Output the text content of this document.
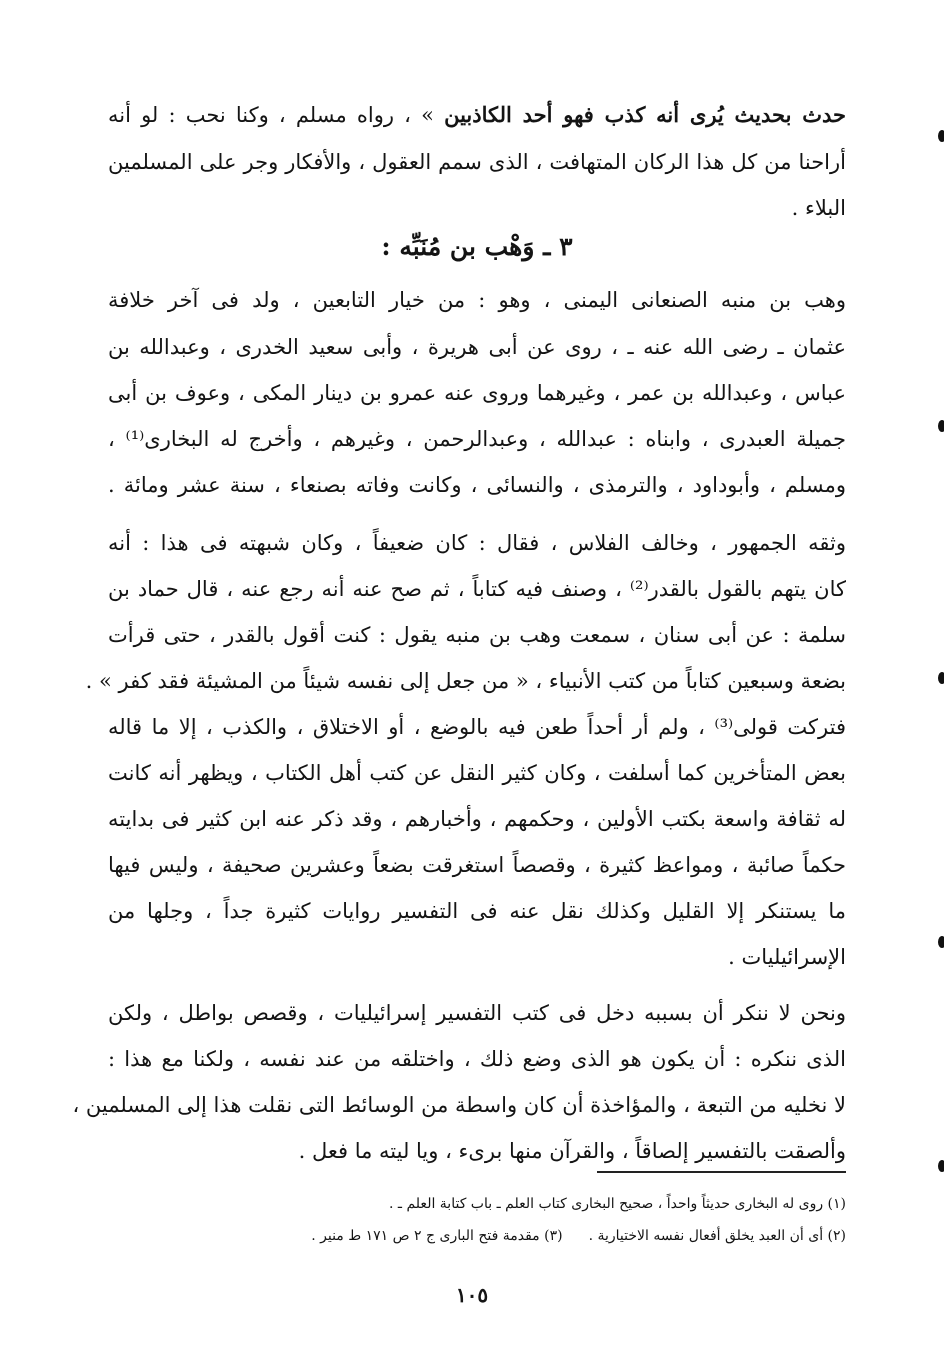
حدث بحديث يُرى أنه كذب فهو أحد الكاذبين » ، رواه مسلم ، وكنا نحب : لو أنه
أراحنا من كل هذا الركان المتهافت ، الذى سمم العقول ، والأفكار وجر على المسلمين
البلاء .
٣ ـ وَهْب بن مُنَبِّه :
وهب بن منبه الصنعانى اليمنى ، وهو : من خيار التابعين ، ولد فى آخر خلافة
عثمان ـ رضى الله عنه ـ ، روى عن أبى هريرة ، وأبى سعيد الخدرى ، وعبدالله بن
عباس ، وعبدالله بن عمر ، وغيرهما وروى عنه عمرو بن دينار المكى ، وعوف بن أبى
جميلة العبدرى ، وابناه : عبدالله ، وعبدالرحمن ، وغيرهم ، وأخرج له البخارى⁽¹⁾ ،
ومسلم ، وأبوداود ، والترمذى ، والنسائى ، وكانت وفاته بصنعاء ، سنة عشر ومائة .
وثقه الجمهور ، وخالف الفلاس ، فقال : كان ضعيفاً ، وكان شبهته فى هذا : أنه
كان يتهم بالقول بالقدر⁽²⁾ ، وصنف فيه كتاباً ، ثم صح عنه أنه رجع عنه ، قال حماد بن
سلمة : عن أبى سنان ، سمعت وهب بن منبه يقول : كنت أقول بالقدر ، حتى قرأت
بضعة وسبعين كتاباً من كتب الأنبياء ، « من جعل إلى نفسه شيئاً من المشيئة فقد كفر » .
فتركت قولى⁽³⁾ ، ولم أر أحداً طعن فيه بالوضع ، أو الاختلاق ، والكذب ، إلا ما قاله
بعض المتأخرين كما أسلفت ، وكان كثير النقل عن كتب أهل الكتاب ، ويظهر أنه كانت
له ثقافة واسعة بكتب الأولين ، وحكمهم ، وأخبارهم ، وقد ذكر عنه ابن كثير فى بدايته
حكماً صائبة ، ومواعظ كثيرة ، وقصصاً استغرقت بضعاً وعشرين صحيفة ، وليس فيها
ما يستنكر إلا القليل وكذلك نقل عنه فى التفسير روايات كثيرة جداً ، وجلها من
الإسرائيليات .
ونحن لا ننكر أن بسببه دخل فى كتب التفسير إسرائيليات ، وقصص بواطل ، ولكن
الذى ننكره : أن يكون هو الذى وضع ذلك ، واختلقه من عند نفسه ، ولكنا مع هذا :
لا نخليه من التبعة ، والمؤاخذة أن كان واسطة من الوسائط التى نقلت هذا إلى المسلمين ،
وألصقت بالتفسير إلصاقاً ، والقرآن منها برىء ، ويا ليته ما فعل .
(١) روى له البخارى حديثاً واحداً ، صحيح البخارى كتاب العلم ـ باب كتابة العلم ـ .
(٢) أى أن العبد يخلق أفعال نفسه الاختيارية .(٣) مقدمة فتح البارى ج ٢ ص ١٧١ ط منير .
١٠٥
